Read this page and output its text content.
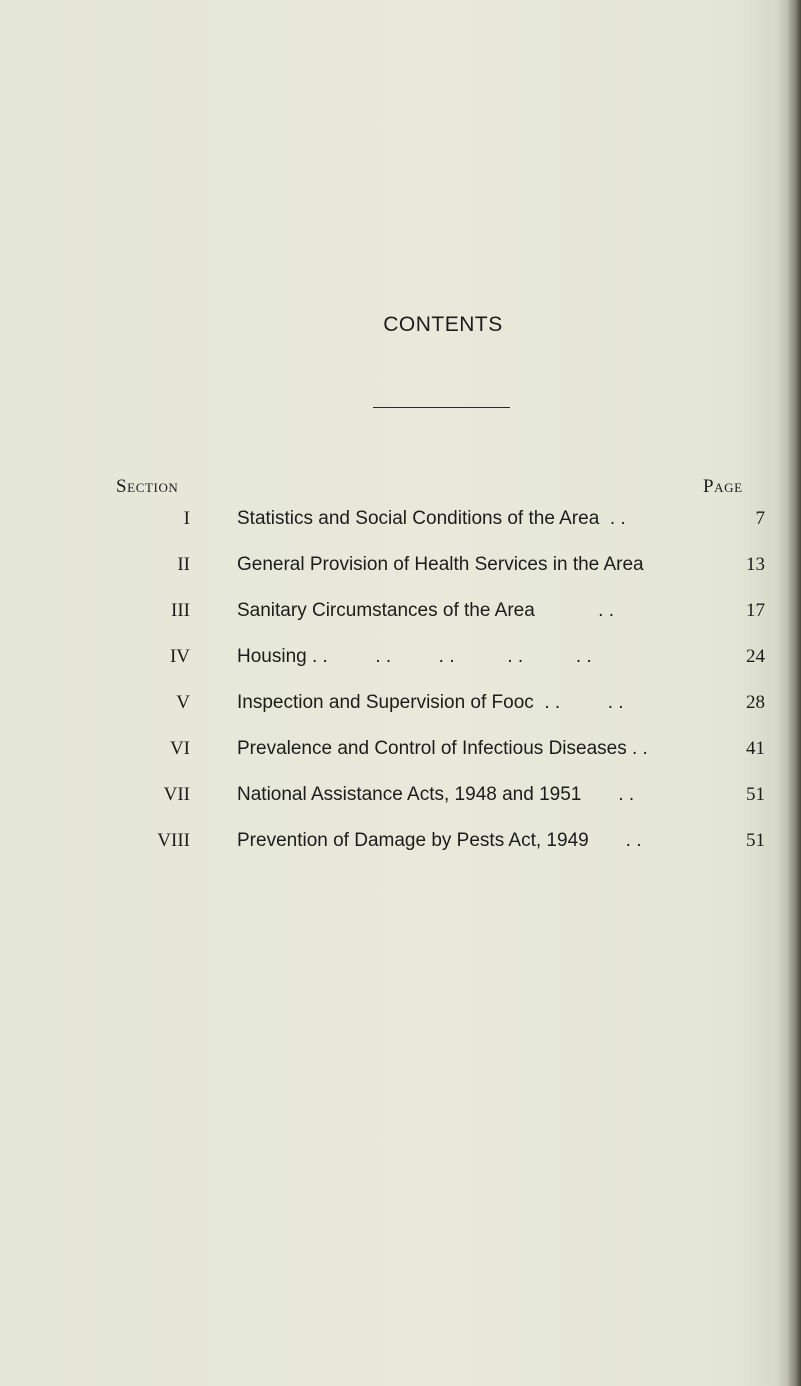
CONTENTS
Section	Page
I Statistics and Social Conditions of the Area  . .	7
II General Provision of Health Services in the Area	13
III Sanitary Circumstances of the Area            . .	17
IV Housing . .         . .         . .          . .          . .	24
V Inspection and Supervision of Fooc  . .         . .	28
VI Prevalence and Control of Infectious Diseases . .	41
VII National Assistance Acts, 1948 and 1951       . .	51
VIII Prevention of Damage by Pests Act, 1949       . .	51
